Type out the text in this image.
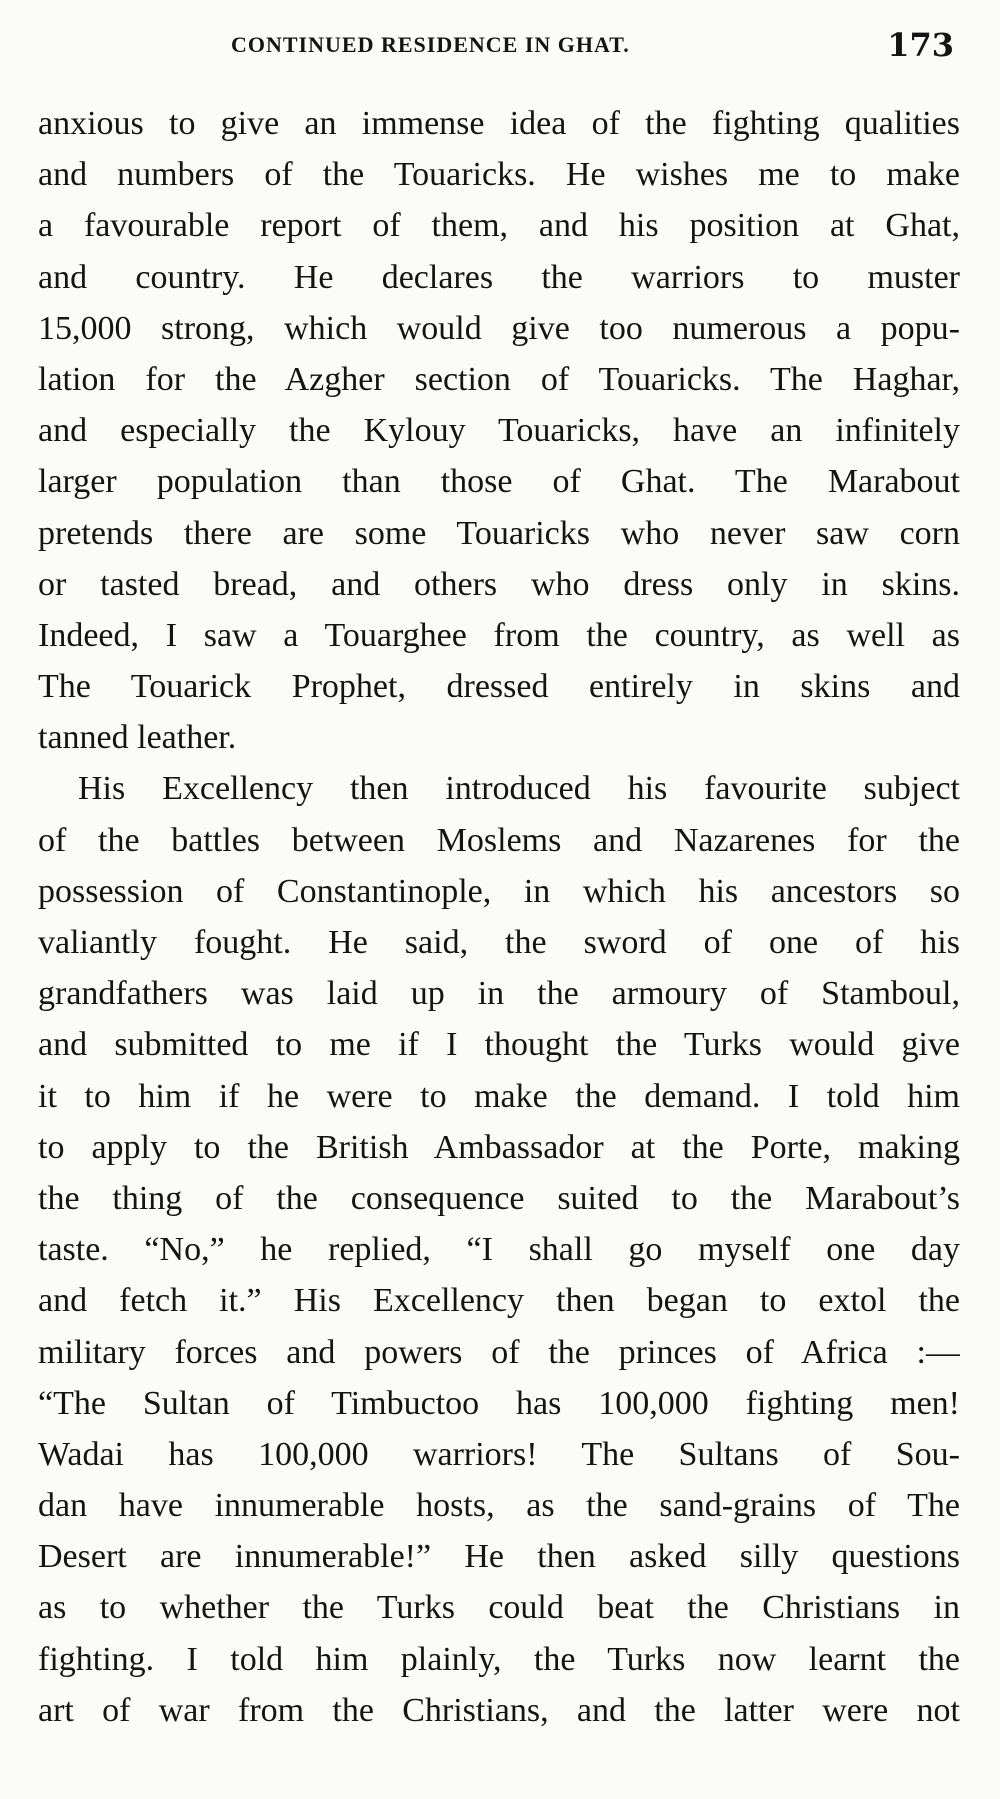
CONTINUED RESIDENCE IN GHAT.	173
anxious to give an immense idea of the fighting qualities
and numbers of the Touaricks. He wishes me to make
a favourable report of them, and his position at Ghat,
and country. He declares the warriors to muster
15,000 strong, which would give too numerous a popu-
lation for the Azgher section of Touaricks. The Haghar,
and especially the Kylouy Touaricks, have an infinitely
larger population than those of Ghat. The Marabout
pretends there are some Touaricks who never saw corn
or tasted bread, and others who dress only in skins.
Indeed, I saw a Touarghee from the country, as well as
The Touarick Prophet, dressed entirely in skins and
tanned leather.
His Excellency then introduced his favourite subject
of the battles between Moslems and Nazarenes for the
possession of Constantinople, in which his ancestors so
valiantly fought. He said, the sword of one of his
grandfathers was laid up in the armoury of Stamboul,
and submitted to me if I thought the Turks would give
it to him if he were to make the demand. I told him
to apply to the British Ambassador at the Porte, making
the thing of the consequence suited to the Marabout’s
taste. “No,” he replied, “I shall go myself one day
and fetch it.” His Excellency then began to extol the
military forces and powers of the princes of Africa :—
“The Sultan of Timbuctoo has 100,000 fighting men!
Wadai has 100,000 warriors! The Sultans of Sou-
dan have innumerable hosts, as the sand-grains of The
Desert are innumerable!” He then asked silly questions
as to whether the Turks could beat the Christians in
fighting. I told him plainly, the Turks now learnt the
art of war from the Christians, and the latter were not
